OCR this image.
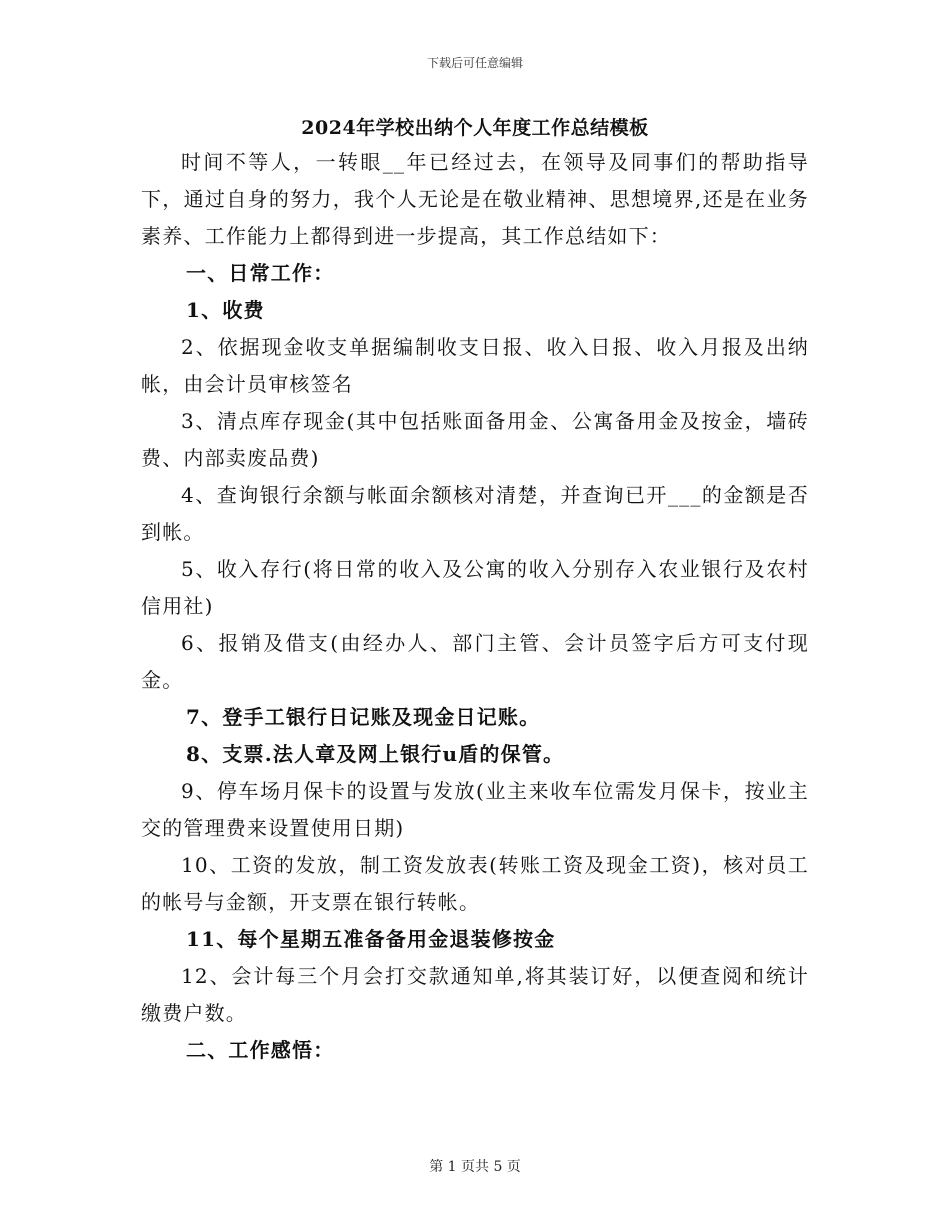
下载后可任意编辑
2024年学校出纳个人年度工作总结模板

时间不等人，一转眼__年已经过去，在领导及同事们的帮助指导下，通过自身的努力，我个人无论是在敬业精神、思想境界,还是在业务素养、工作能力上都得到进一步提高，其工作总结如下：

一、日常工作：

1、收费

2、依据现金收支单据编制收支日报、收入日报、收入月报及出纳帐，由会计员审核签名

3、清点库存现金(其中包括账面备用金、公寓备用金及按金，墙砖费、内部卖废品费)

4、查询银行余额与帐面余额核对清楚，并查询已开___的金额是否到帐。

5、收入存行(将日常的收入及公寓的收入分别存入农业银行及农村信用社)

6、报销及借支(由经办人、部门主管、会计员签字后方可支付现金。

7、登手工银行日记账及现金日记账。

8、支票.法人章及网上银行u盾的保管。

9、停车场月保卡的设置与发放(业主来收车位需发月保卡，按业主交的管理费来设置使用日期)

10、工资的发放，制工资发放表(转账工资及现金工资)，核对员工的帐号与金额，开支票在银行转帐。

11、每个星期五准备备用金退装修按金

12、会计每三个月会打交款通知单,将其装订好，以便查阅和统计缴费户数。

二、工作感悟：

第 1 页共 5 页
